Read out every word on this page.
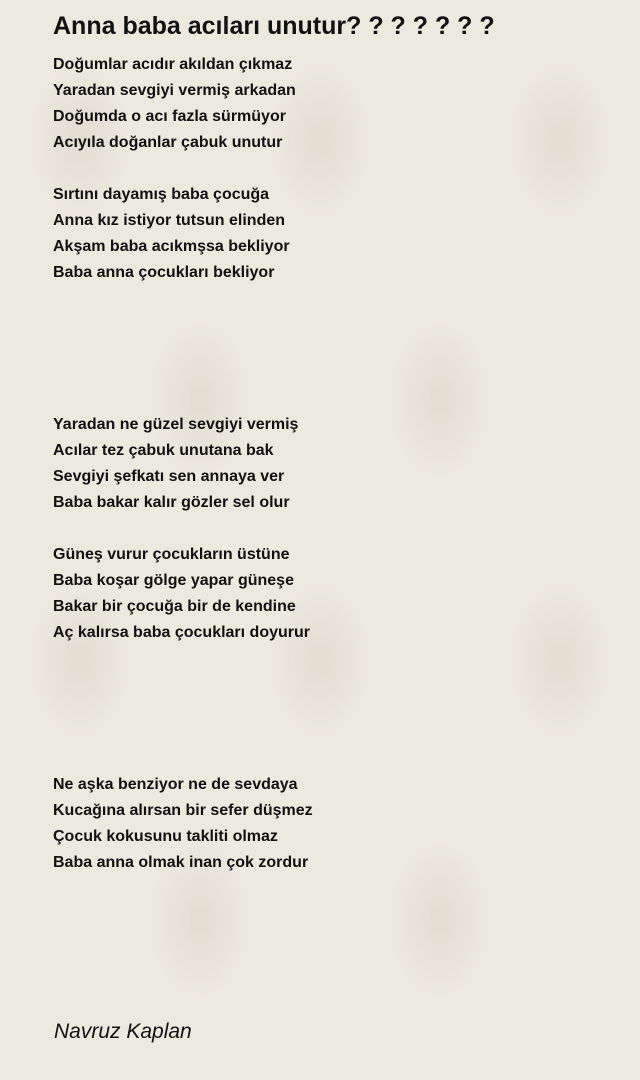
Anna baba acıları unutur? ? ? ? ? ? ?
Doğumlar acıdır akıldan çıkmaz
Yaradan sevgiyi vermiş arkadan
Doğumda o acı fazla sürmüyor
Acıyıla doğanlar çabuk unutur
Sırtını dayamış baba çocuğa
Anna kız istiyor tutsun elinden
Akşam baba acıkmşsa bekliyor
Baba anna çocukları bekliyor
Yaradan ne güzel sevgiyi vermiş
Acılar tez çabuk unutana bak
Sevgiyi şefkatı sen annaya ver
Baba bakar kalır gözler sel olur
Güneş vurur çocukların üstüne
Baba koşar gölge yapar güneşe
Bakar bir çocuğa bir de kendine
Aç kalırsa baba çocukları doyurur
Ne aşka benziyor ne de sevdaya
Kucağına alırsan bir sefer düşmez
Çocuk kokusunu takliti olmaz
Baba anna olmak inan çok zordur
Navruz Kaplan
